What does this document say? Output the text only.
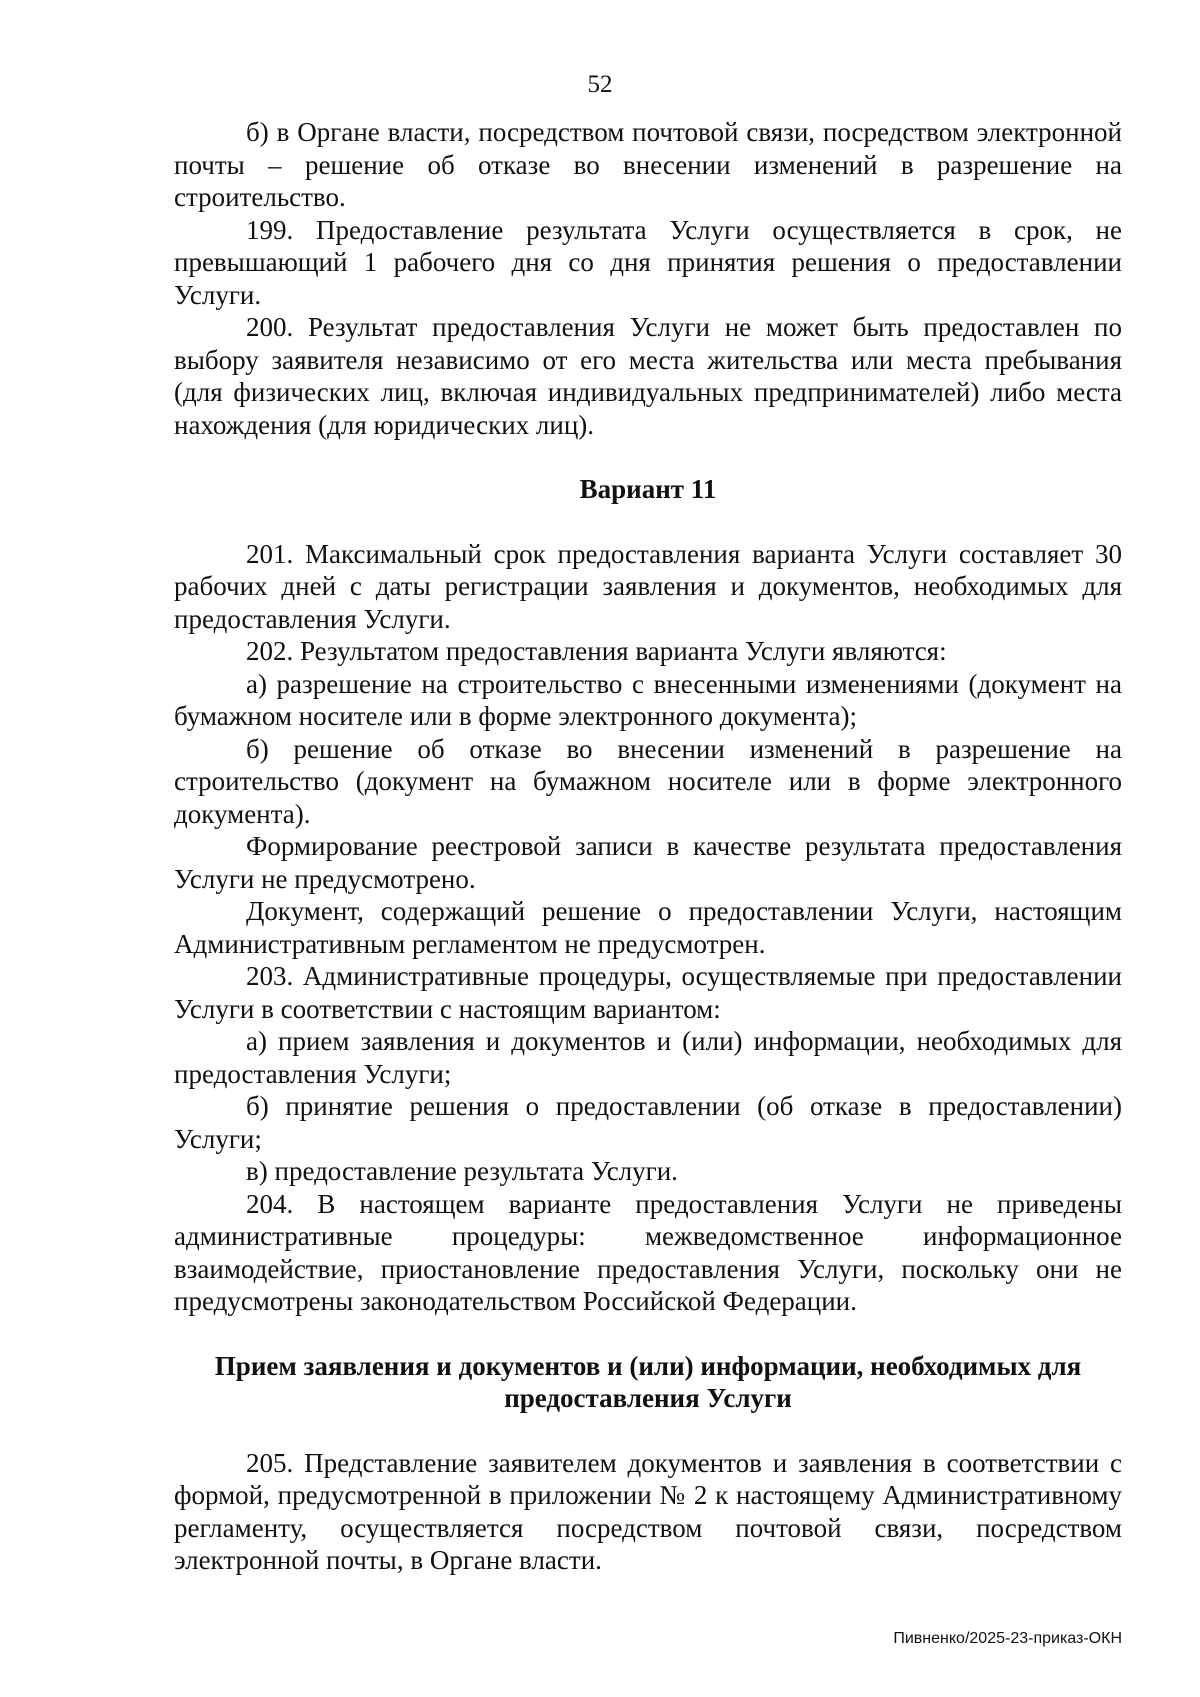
52

б) в Органе власти, посредством почтовой связи, посредством электронной почты – решение об отказе во внесении изменений в разрешение на строительство.

199. Предоставление результата Услуги осуществляется в срок, не превышающий 1 рабочего дня со дня принятия решения о предоставлении Услуги.

200. Результат предоставления Услуги не может быть предоставлен по выбору заявителя независимо от его места жительства или места пребывания (для физических лиц, включая индивидуальных предпринимателей) либо места нахождения (для юридических лиц).

Вариант 11

201. Максимальный срок предоставления варианта Услуги составляет 30 рабочих дней с даты регистрации заявления и документов, необходимых для предоставления Услуги.

202. Результатом предоставления варианта Услуги являются:

а) разрешение на строительство с внесенными изменениями (документ на бумажном носителе или в форме электронного документа);

б) решение об отказе во внесении изменений в разрешение на строительство (документ на бумажном носителе или в форме электронного документа).

Формирование реестровой записи в качестве результата предоставления Услуги не предусмотрено.

Документ, содержащий решение о предоставлении Услуги, настоящим Административным регламентом не предусмотрен.

203. Административные процедуры, осуществляемые при предоставлении Услуги в соответствии с настоящим вариантом:

а) прием заявления и документов и (или) информации, необходимых для предоставления Услуги;

б) принятие решения о предоставлении (об отказе в предоставлении) Услуги;

в) предоставление результата Услуги.

204. В настоящем варианте предоставления Услуги не приведены административные процедуры: межведомственное информационное взаимодействие, приостановление предоставления Услуги, поскольку они не предусмотрены законодательством Российской Федерации.

Прием заявления и документов и (или) информации, необходимых для предоставления Услуги

205. Представление заявителем документов и заявления в соответствии с формой, предусмотренной в приложении № 2 к настоящему Административному регламенту, осуществляется посредством почтовой связи, посредством электронной почты, в Органе власти.

Пивненко/2025-23-приказ-ОКН
